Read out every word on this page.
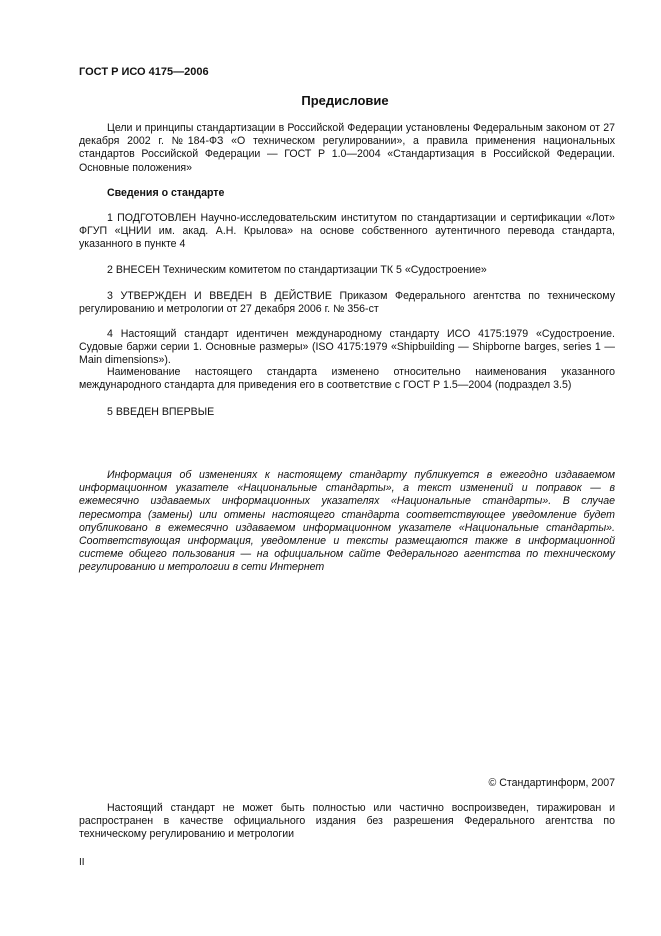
ГОСТ Р ИСО 4175—2006
Предисловие

Цели и принципы стандартизации в Российской Федерации установлены Федеральным законом от 27 декабря 2002 г. №184-ФЗ «О техническом регулировании», а правила применения национальных стандартов Российской Федерации — ГОСТ Р 1.0—2004 «Стандартизация в Российской Федерации. Основные положения»

Сведения о стандарте

1 ПОДГОТОВЛЕН Научно-исследовательским институтом по стандартизации и сертификации «Лот» ФГУП «ЦНИИ им. акад. А.Н. Крылова» на основе собственного аутентичного перевода стандарта, указанного в пункте 4

2 ВНЕСЕН Техническим комитетом по стандартизации ТК 5 «Судостроение»

3 УТВЕРЖДЕН И ВВЕДЕН В ДЕЙСТВИЕ Приказом Федерального агентства по техническому регулированию и метрологии от 27 декабря 2006 г. № 356-ст

4 Настоящий стандарт идентичен международному стандарту ИСО 4175:1979 «Судостроение. Судовые баржи серии 1. Основные размеры» (ISO 4175:1979 «Shipbuilding — Shipborne barges, series 1 — Main dimensions»).

Наименование настоящего стандарта изменено относительно наименования указанного международного стандарта для приведения его в соответствие с ГОСТ Р 1.5—2004 (подраздел 3.5)

5 ВВЕДЕН ВПЕРВЫЕ

Информация об изменениях к настоящему стандарту публикуется в ежегодно издаваемом информационном указателе «Национальные стандарты», а текст изменений и поправок — в ежемесячно издаваемых информационных указателях «Национальные стандарты». В случае пересмотра (замены) или отмены настоящего стандарта соответствующее уведомление будет опубликовано в ежемесячно издаваемом информационном указателе «Национальные стандарты». Соответствующая информация, уведомление и тексты размещаются также в информационной системе общего пользования — на официальном сайте Федерального агентства по техническому регулированию и метрологии в сети Интернет

© Стандартинформ, 2007

Настоящий стандарт не может быть полностью или частично воспроизведен, тиражирован и распространен в качестве официального издания без разрешения Федерального агентства по техническому регулированию и метрологии

II
